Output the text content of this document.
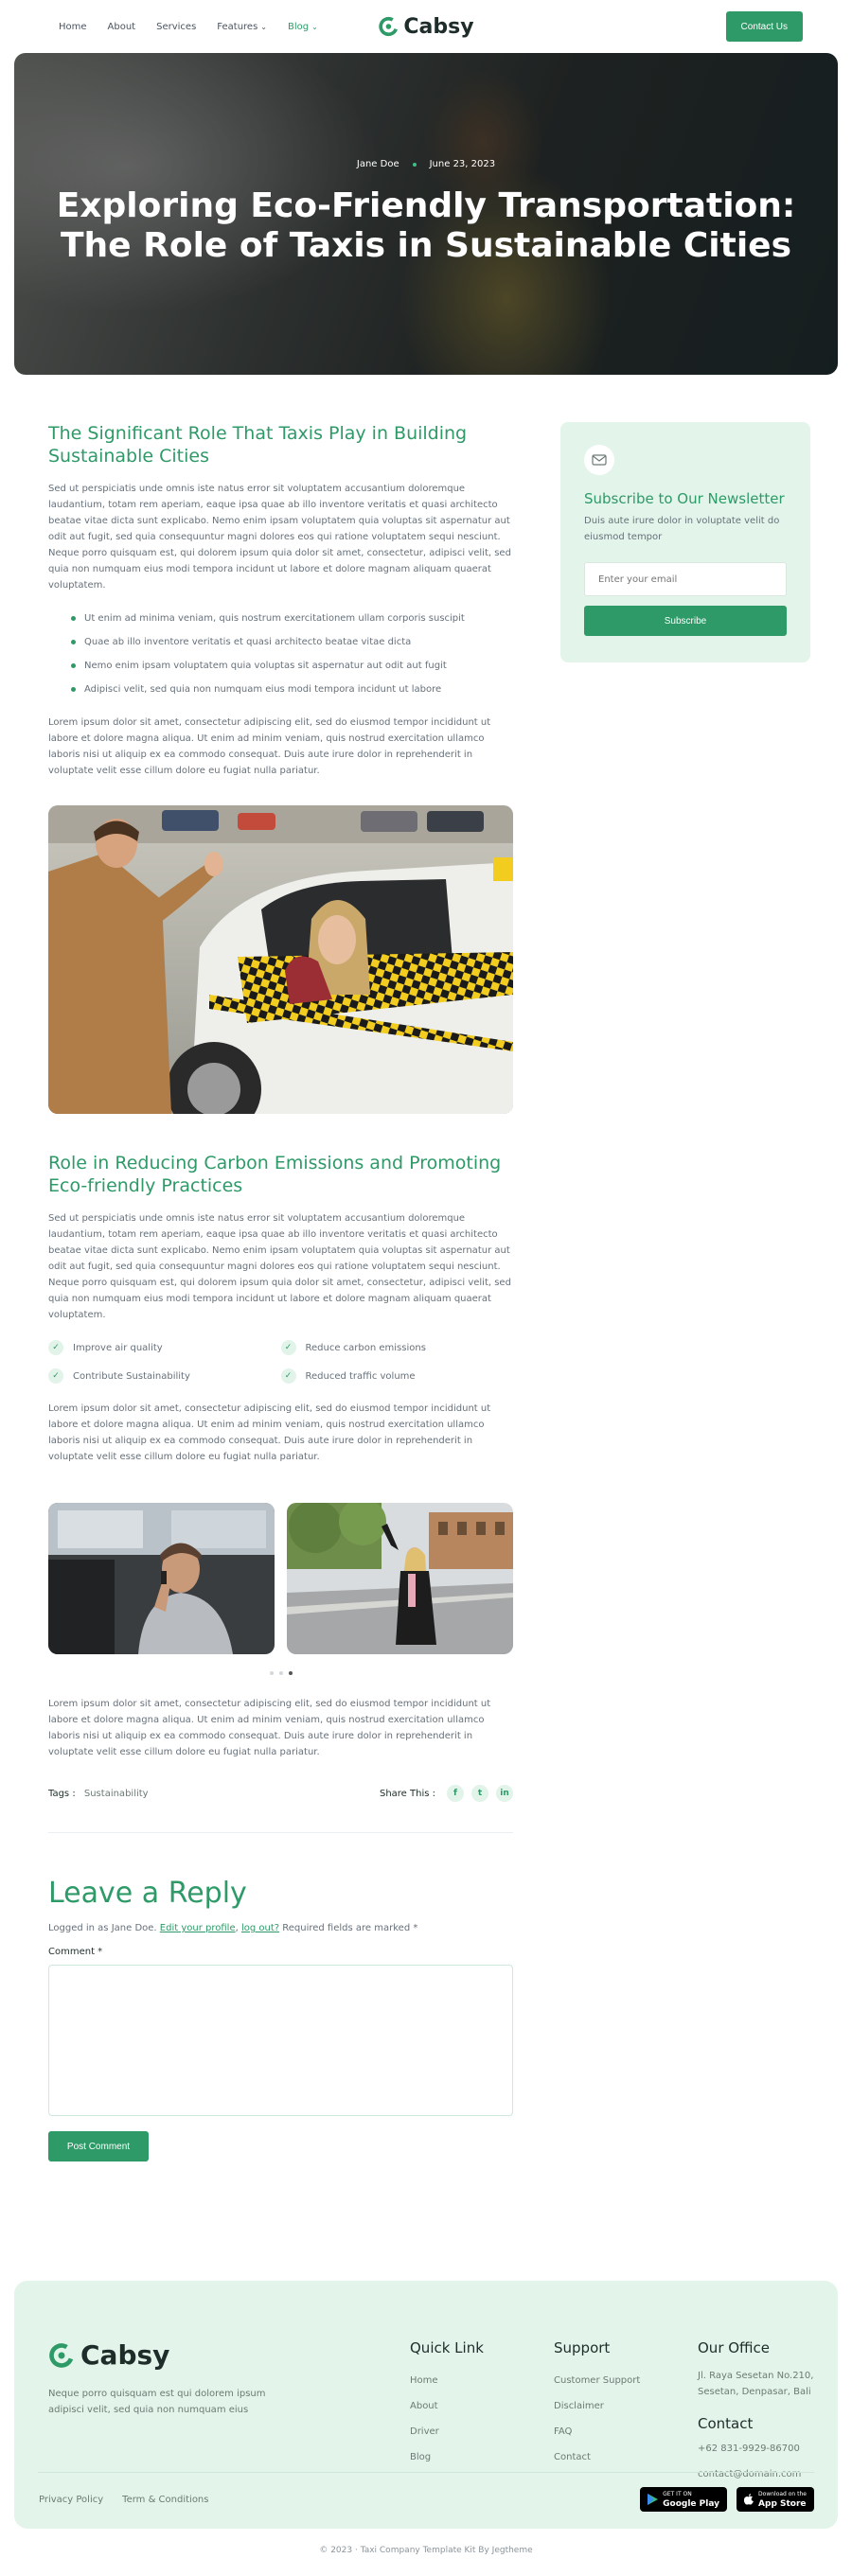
Home About Services Features ⌄ Blog ⌄	Cabsy	Contact Us
Jane Doe	June 23, 2023
Exploring Eco-Friendly Transportation:
The Role of Taxis in Sustainable Cities
The Significant Role That Taxis Play in Building Sustainable Cities

Sed ut perspiciatis unde omnis iste natus error sit voluptatem accusantium doloremque laudantium, totam rem aperiam, eaque ipsa quae ab illo inventore veritatis et quasi architecto beatae vitae dicta sunt explicabo. Nemo enim ipsam voluptatem quia voluptas sit aspernatur aut odit aut fugit, sed quia consequuntur magni dolores eos qui ratione voluptatem sequi nesciunt. Neque porro quisquam est, qui dolorem ipsum quia dolor sit amet, consectetur, adipisci velit, sed quia non numquam eius modi tempora incidunt ut labore et dolore magnam aliquam quaerat voluptatem.

Ut enim ad minima veniam, quis nostrum exercitationem ullam corporis suscipit
Quae ab illo inventore veritatis et quasi architecto beatae vitae dicta
Nemo enim ipsam voluptatem quia voluptas sit aspernatur aut odit aut fugit
Adipisci velit, sed quia non numquam eius modi tempora incidunt ut labore

Lorem ipsum dolor sit amet, consectetur adipiscing elit, sed do eiusmod tempor incididunt ut labore et dolore magna aliqua. Ut enim ad minim veniam, quis nostrud exercitation ullamco laboris nisi ut aliquip ex ea commodo consequat. Duis aute irure dolor in reprehenderit in voluptate velit esse cillum dolore eu fugiat nulla pariatur.

Role in Reducing Carbon Emissions and Promoting Eco-friendly Practices

Sed ut perspiciatis unde omnis iste natus error sit voluptatem accusantium doloremque laudantium, totam rem aperiam, eaque ipsa quae ab illo inventore veritatis et quasi architecto beatae vitae dicta sunt explicabo. Nemo enim ipsam voluptatem quia voluptas sit aspernatur aut odit aut fugit, sed quia consequuntur magni dolores eos qui ratione voluptatem sequi nesciunt. Neque porro quisquam est, qui dolorem ipsum quia dolor sit amet, consectetur, adipisci velit, sed quia non numquam eius modi tempora incidunt ut labore et dolore magnam aliquam quaerat voluptatem.

✓	Improve air quality	✓	Reduce carbon emissions
✓	Contribute Sustainability	✓	Reduced traffic volume

Lorem ipsum dolor sit amet, consectetur adipiscing elit, sed do eiusmod tempor incididunt ut labore et dolore magna aliqua. Ut enim ad minim veniam, quis nostrud exercitation ullamco laboris nisi ut aliquip ex ea commodo consequat. Duis aute irure dolor in reprehenderit in voluptate velit esse cillum dolore eu fugiat nulla pariatur.

Lorem ipsum dolor sit amet, consectetur adipiscing elit, sed do eiusmod tempor incididunt ut labore et dolore magna aliqua. Ut enim ad minim veniam, quis nostrud exercitation ullamco laboris nisi ut aliquip ex ea commodo consequat. Duis aute irure dolor in reprehenderit in voluptate velit esse cillum dolore eu fugiat nulla pariatur.

Tags : Sustainability	Share This :	f	t	in
Leave a Reply

Logged in as Jane Doe. Edit your profile, log out? Required fields are marked *

Comment *
Post Comment
Subscribe to Our Newsletter

Duis aute irure dolor in voluptate velit do eiusmod tempor

Enter your email Subscribe
Cabsy

Neque porro quisquam est qui dolorem ipsum adipisci velit, sed quia non numquam eius

Quick Link
Home
About
Driver
Blog
Support
Customer Support
Disclaimer
FAQ
Contact
Our Office

Jl. Raya Sesetan No.210, Sesetan, Denpasar, Bali

Contact
+62 831-9929-86700
contact@domain.com
Privacy Policy Term & Conditions
GET IT ON
Google Play
Download on the
App Store
© 2023 · Taxi Company Template Kit By Jegtheme
